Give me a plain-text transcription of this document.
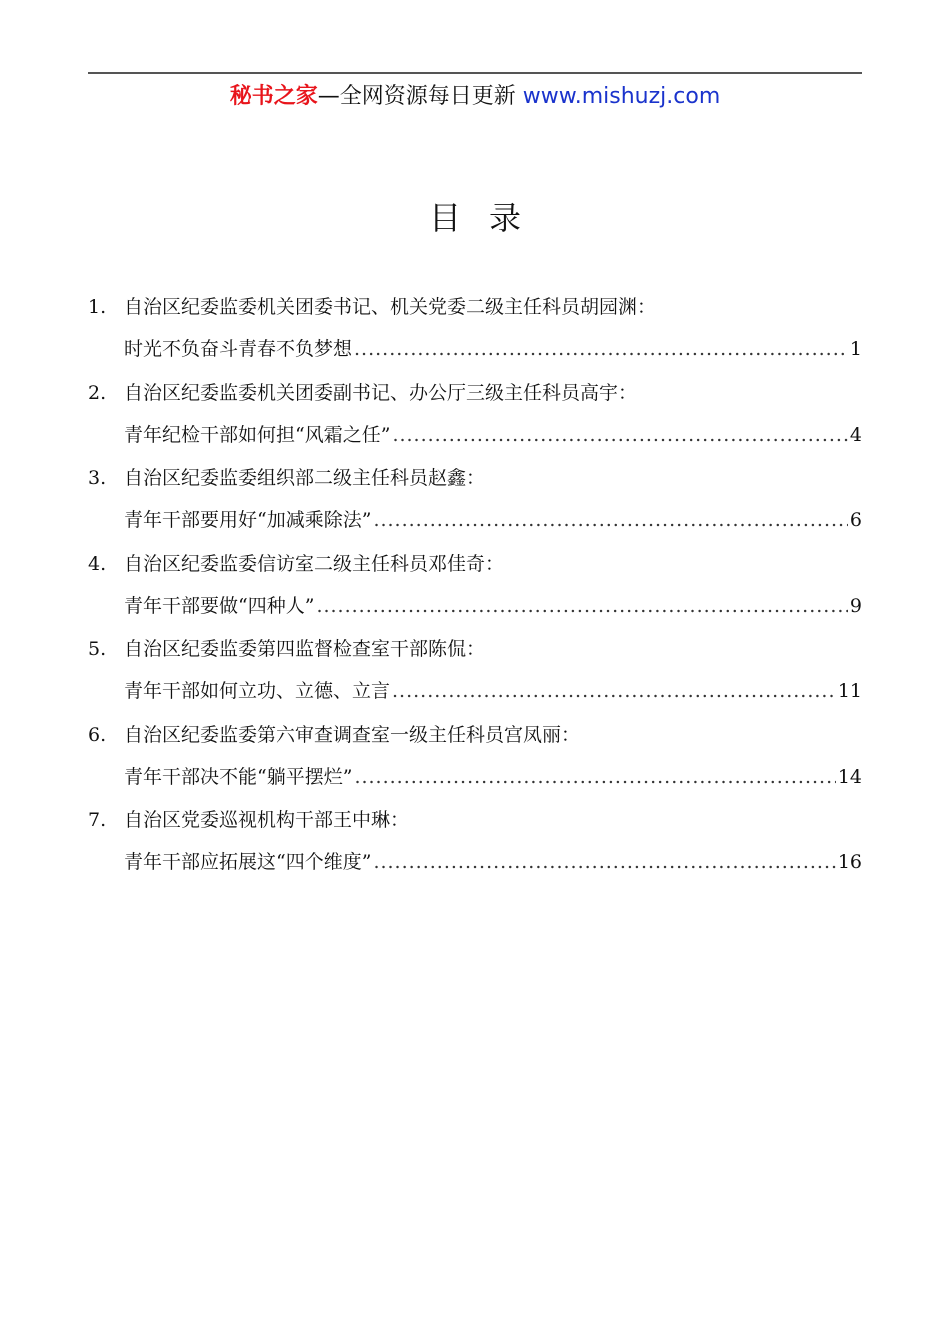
秘书之家—全网资源每日更新 www.mishuzj.com
目录
1. 自治区纪委监委机关团委书记、机关党委二级主任科员胡园渊：
时光不负奋斗青春不负梦想 .....	1
2. 自治区纪委监委机关团委副书记、办公厅三级主任科员高宇：
青年纪检干部如何担“风霜之任” .....	4
3. 自治区纪委监委组织部二级主任科员赵鑫：
青年干部要用好“加减乘除法” .....	6
4. 自治区纪委监委信访室二级主任科员邓佳奇：
青年干部要做“四种人” .....	9
5. 自治区纪委监委第四监督检查室干部陈侃：
青年干部如何立功、立德、立言 .....	11
6. 自治区纪委监委第六审查调查室一级主任科员宫凤丽：
青年干部决不能“躺平摆烂” .....	14
7. 自治区党委巡视机构干部王中琳：
青年干部应拓展这“四个维度” .....	16
